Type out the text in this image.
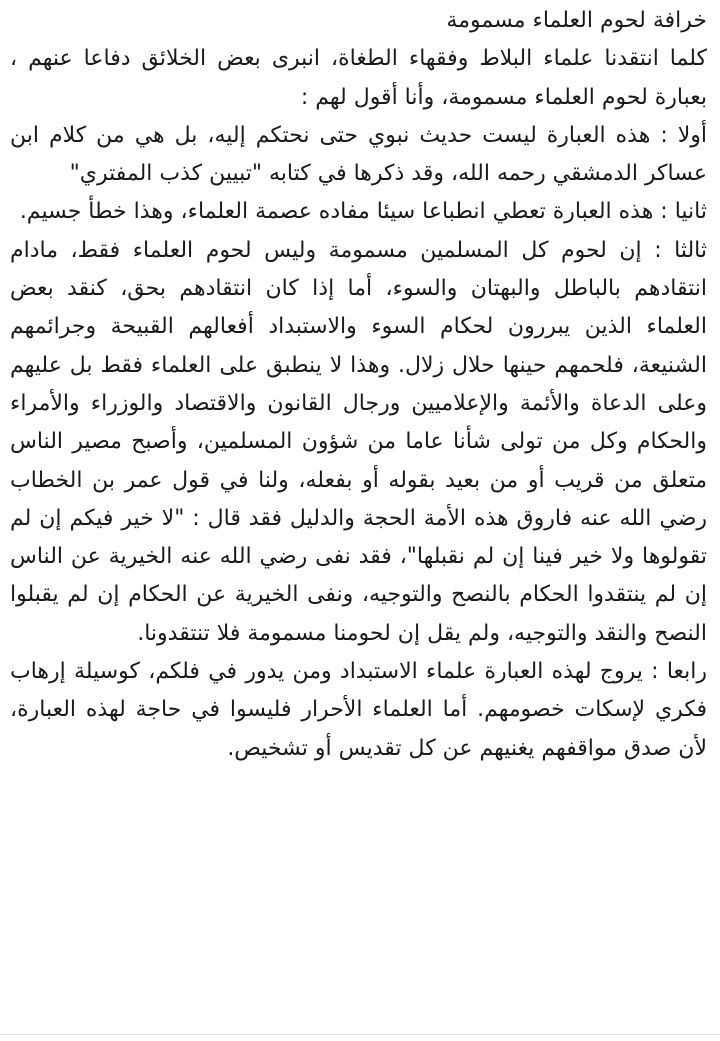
خرافة لحوم العلماء مسمومة

كلما انتقدنا علماء البلاط وفقهاء الطغاة، انبرى بعض الخلائق دفاعا عنهم ، بعبارة لحوم العلماء مسمومة، وأنا أقول لهم :

أولا : هذه العبارة ليست حديث نبوي حتى نحتكم إليه، بل هي من كلام ابن عساكر الدمشقي رحمه الله، وقد ذكرها في كتابه "تبيين كذب المفتري"

ثانيا : هذه العبارة تعطي انطباعا سيئا مفاده عصمة العلماء، وهذا خطأ جسيم.

ثالثا : إن لحوم كل المسلمين مسمومة وليس لحوم العلماء فقط، مادام انتقادهم بالباطل والبهتان والسوء، أما إذا كان انتقادهم بحق، كنقد بعض العلماء الذين يبررون لحكام السوء والاستبداد أفعالهم القبيحة وجرائمهم الشنيعة، فلحمهم حينها حلال زلال. وهذا لا ينطبق على العلماء فقط بل عليهم وعلى الدعاة والأئمة والإعلاميين ورجال القانون والاقتصاد والوزراء والأمراء والحكام وكل من تولى شأنا عاما من شؤون المسلمين، وأصبح مصير الناس متعلق من قريب أو من بعيد بقوله أو بفعله، ولنا في قول عمر بن الخطاب رضي الله عنه فاروق هذه الأمة الحجة والدليل فقد قال : "لا خير فيكم إن لم تقولوها ولا خير فينا إن لم نقبلها"، فقد نفى رضي الله عنه الخيرية عن الناس إن لم ينتقدوا الحكام بالنصح والتوجيه، ونفى الخيرية عن الحكام إن لم يقبلوا النصح والنقد والتوجيه، ولم يقل إن لحومنا مسمومة فلا تنتقدونا.

رابعا : يروج لهذه العبارة علماء الاستبداد ومن يدور في فلكم، كوسيلة إرهاب فكري لإسكات خصومهم. أما العلماء الأحرار فليسوا في حاجة لهذه العبارة، لأن صدق مواقفهم يغنيهم عن كل تقديس أو تشخيص.
